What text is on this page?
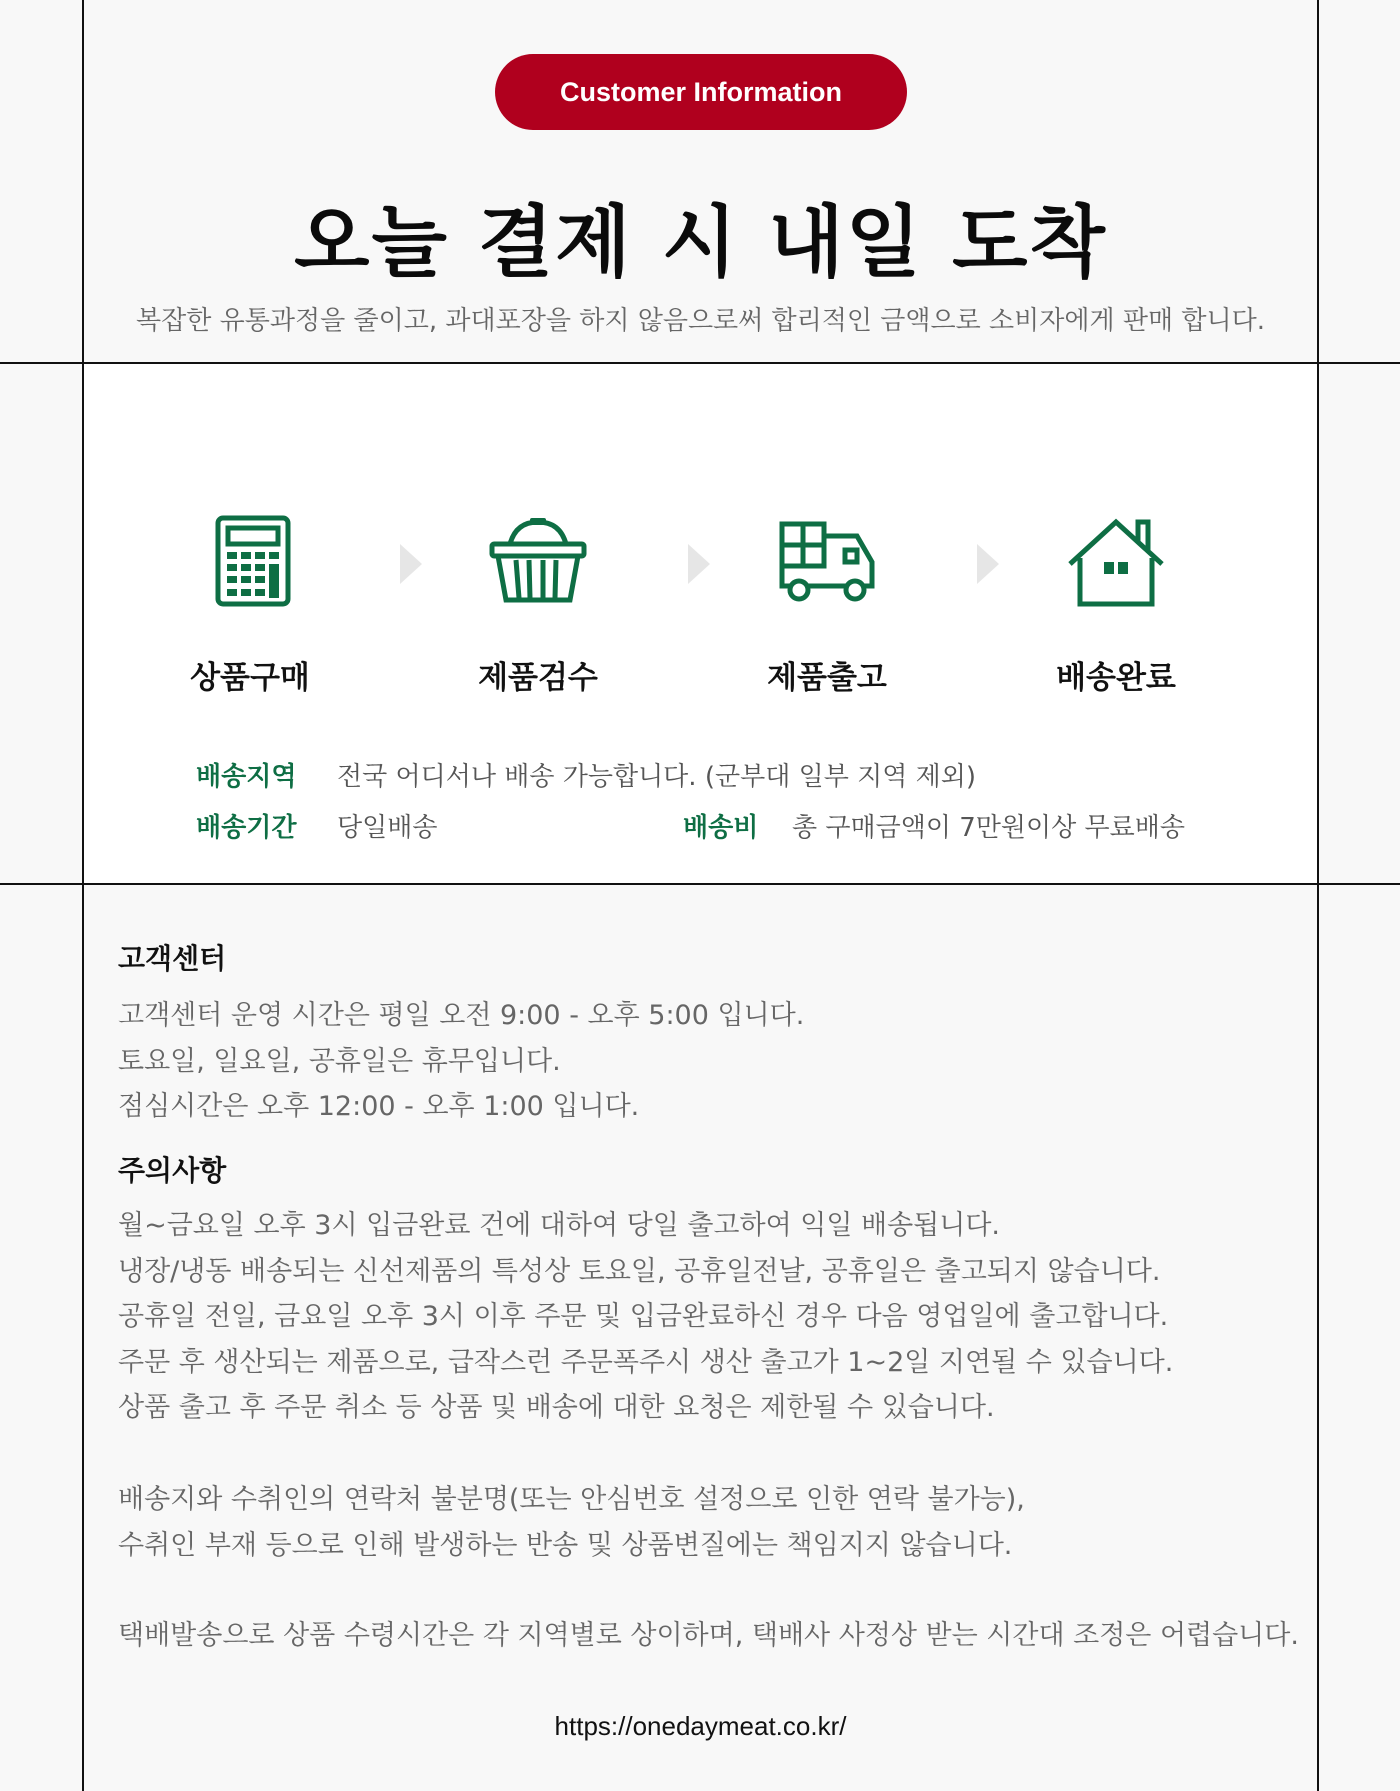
Customer Information
오늘 결제 시 내일 도착
복잡한 유통과정을 줄이고, 과대포장을 하지 않음으로써 합리적인 금액으로 소비자에게 판매 합니다.
상품구매	제품검수	제품출고	배송완료
배송지역 전국 어디서나 배송 가능합니다. (군부대 일부 지역 제외)
배송기간 당일배송	배송비 총 구매금액이 7만원이상 무료배송
고객센터
고객센터 운영 시간은 평일 오전 9:00 - 오후 5:00 입니다.
토요일, 일요일, 공휴일은 휴무입니다.
점심시간은 오후 12:00 - 오후 1:00 입니다.
주의사항
월~금요일 오후 3시 입금완료 건에 대하여 당일 출고하여 익일 배송됩니다.
냉장/냉동 배송되는 신선제품의 특성상 토요일, 공휴일전날, 공휴일은 출고되지 않습니다.
공휴일 전일, 금요일 오후 3시 이후 주문 및 입금완료하신 경우 다음 영업일에 출고합니다.
주문 후 생산되는 제품으로, 급작스런 주문폭주시 생산 출고가 1~2일 지연될 수 있습니다.
상품 출고 후 주문 취소 등 상품 및 배송에 대한 요청은 제한될 수 있습니다.
배송지와 수취인의 연락처 불분명(또는 안심번호 설정으로 인한 연락 불가능),
수취인 부재 등으로 인해 발생하는 반송 및 상품변질에는 책임지지 않습니다.
택배발송으로 상품 수령시간은 각 지역별로 상이하며, 택배사 사정상 받는 시간대 조정은 어렵습니다.
https://onedaymeat.co.kr/
